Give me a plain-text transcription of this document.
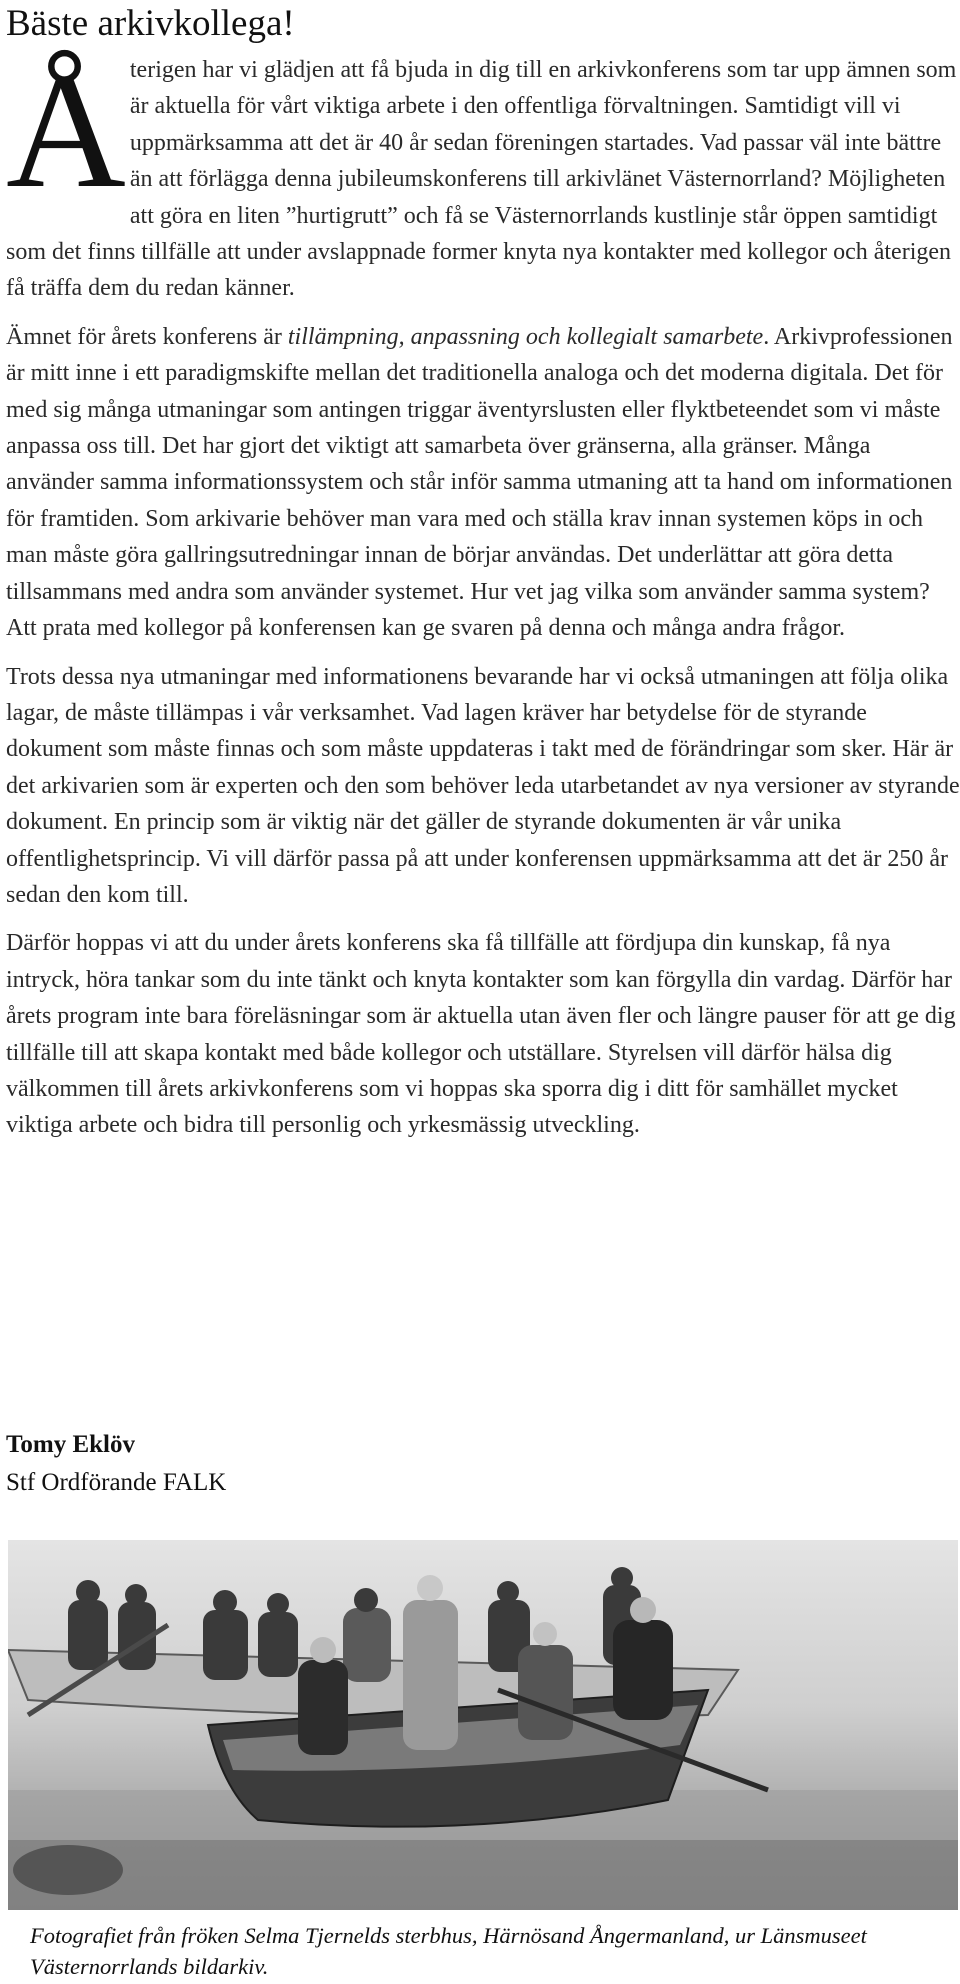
Bäste arkivkollega!

Återigen har vi glädjen att få bjuda in dig till en arkivkonferens som tar upp ämnen som är aktuella för vårt viktiga arbete i den offentliga förvaltningen. Samtidigt vill vi uppmärksamma att det är 40 år sedan föreningen startades. Vad passar väl inte bättre än att förlägga denna jubileumskonferens till arkivlänet Västernorrland? Möjligheten att göra en liten ”hurtigrutt” och få se Västernorrlands kustlinje står öppen samtidigt som det finns tillfälle att under avslappnade former knyta nya kontakter med kollegor och återigen få träffa dem du redan känner.

Ämnet för årets konferens är tillämpning, anpassning och kollegialt samarbete. Arkivprofessionen är mitt inne i ett paradigmskifte mellan det traditionella analoga och det moderna digitala. Det för med sig många utmaningar som antingen triggar äventyrslusten eller flyktbeteendet som vi måste anpassa oss till. Det har gjort det viktigt att samarbeta över gränserna, alla gränser. Många använder samma informationssystem och står inför samma utmaning att ta hand om informationen för framtiden. Som arkivarie behöver man vara med och ställa krav innan systemen köps in och man måste göra gallringsutredningar innan de börjar användas. Det underlättar att göra detta tillsammans med andra som använder systemet. Hur vet jag vilka som använder samma system? Att prata med kollegor på konferensen kan ge svaren på denna och många andra frågor.

Trots dessa nya utmaningar med informationens bevarande har vi också utmaningen att följa olika lagar, de måste tillämpas i vår verksamhet. Vad lagen kräver har betydelse för de styrande dokument som måste finnas och som måste uppdateras i takt med de förändringar som sker. Här är det arkivarien som är experten och den som behöver leda utarbetandet av nya versioner av styrande dokument. En princip som är viktig när det gäller de styrande dokumenten är vår unika offentlighetsprincip. Vi vill därför passa på att under konferensen uppmärksamma att det är 250 år sedan den kom till.

Därför hoppas vi att du under årets konferens ska få tillfälle att fördjupa din kunskap, få nya intryck, höra tankar som du inte tänkt och knyta kontakter som kan förgylla din vardag. Därför har årets program inte bara föreläsningar som är aktuella utan även fler och längre pauser för att ge dig tillfälle till att skapa kontakt med både kollegor och utställare. Styrelsen vill därför hälsa dig välkommen till årets arkivkonferens som vi hoppas ska sporra dig i ditt för samhället mycket viktiga arbete och bidra till personlig och yrkesmässig utveckling.

Tomy Eklöv
Stf Ordförande FALK
Fotografiet från fröken Selma Tjernelds sterbhus, Härnösand Ångermanland, ur Länsmuseet Västernorrlands bildarkiv.
